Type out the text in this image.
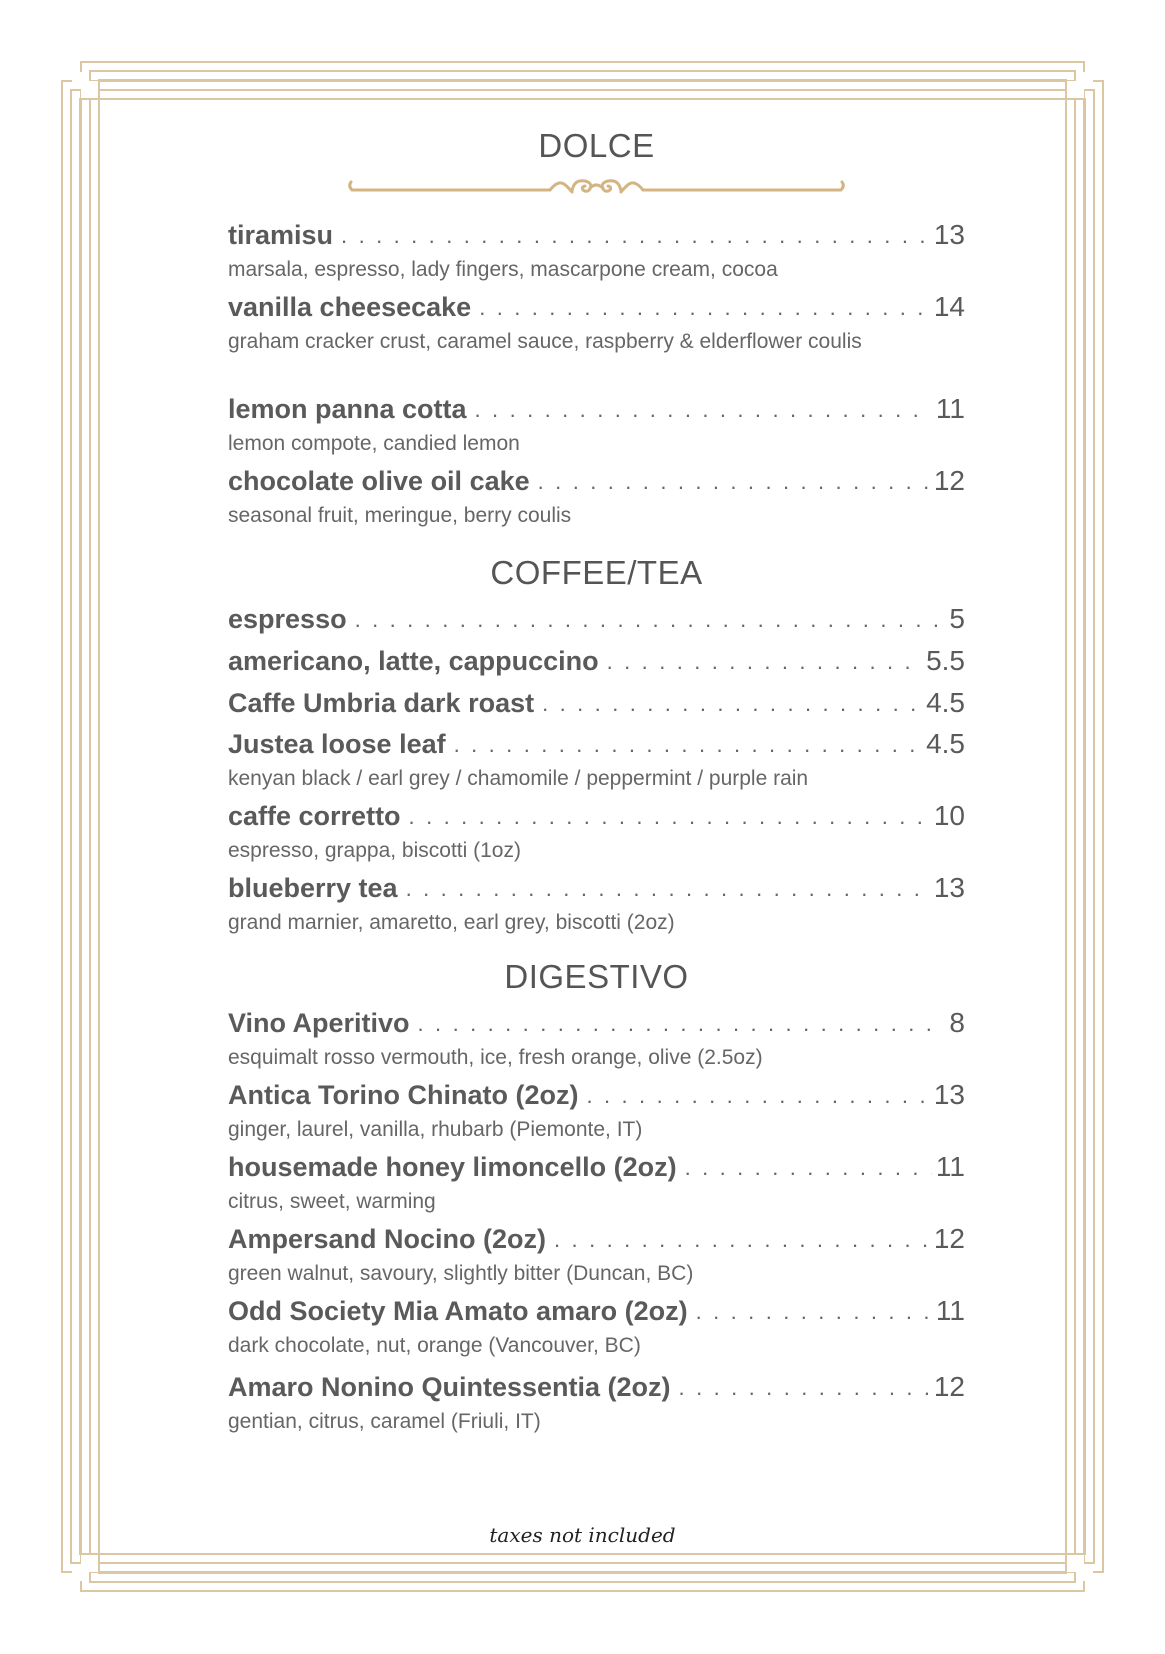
DOLCE
tiramisu . . .	13
marsala, espresso, lady fingers, mascarpone cream, cocoa
vanilla cheesecake . . .	14
graham cracker crust, caramel sauce, raspberry & elderflower coulis
lemon panna cotta . . .	11
lemon compote, candied lemon
chocolate olive oil cake . . .	12
seasonal fruit, meringue, berry coulis
COFFEE/TEA
espresso . . .	5
americano, latte, cappuccino . . .	5.5
Caffe Umbria dark roast . . .	4.5
Justea loose leaf . . .	4.5
kenyan black / earl grey / chamomile / peppermint / purple rain
caffe corretto . . .	10
espresso, grappa, biscotti (1oz)
blueberry tea . . .	13
grand marnier, amaretto, earl grey, biscotti (2oz)
DIGESTIVO
Vino Aperitivo . . .	8
esquimalt rosso vermouth, ice, fresh orange, olive (2.5oz)
Antica Torino Chinato (2oz) . . .	13
ginger, laurel, vanilla, rhubarb (Piemonte, IT)
housemade honey limoncello (2oz) . . .	11
citrus, sweet, warming
Ampersand Nocino (2oz) . . .	12
green walnut, savoury, slightly bitter (Duncan, BC)
Odd Society Mia Amato amaro (2oz) . . .	11
dark chocolate, nut, orange (Vancouver, BC)
Amaro Nonino Quintessentia (2oz) . . .	12
gentian, citrus, caramel (Friuli, IT)
taxes not included
